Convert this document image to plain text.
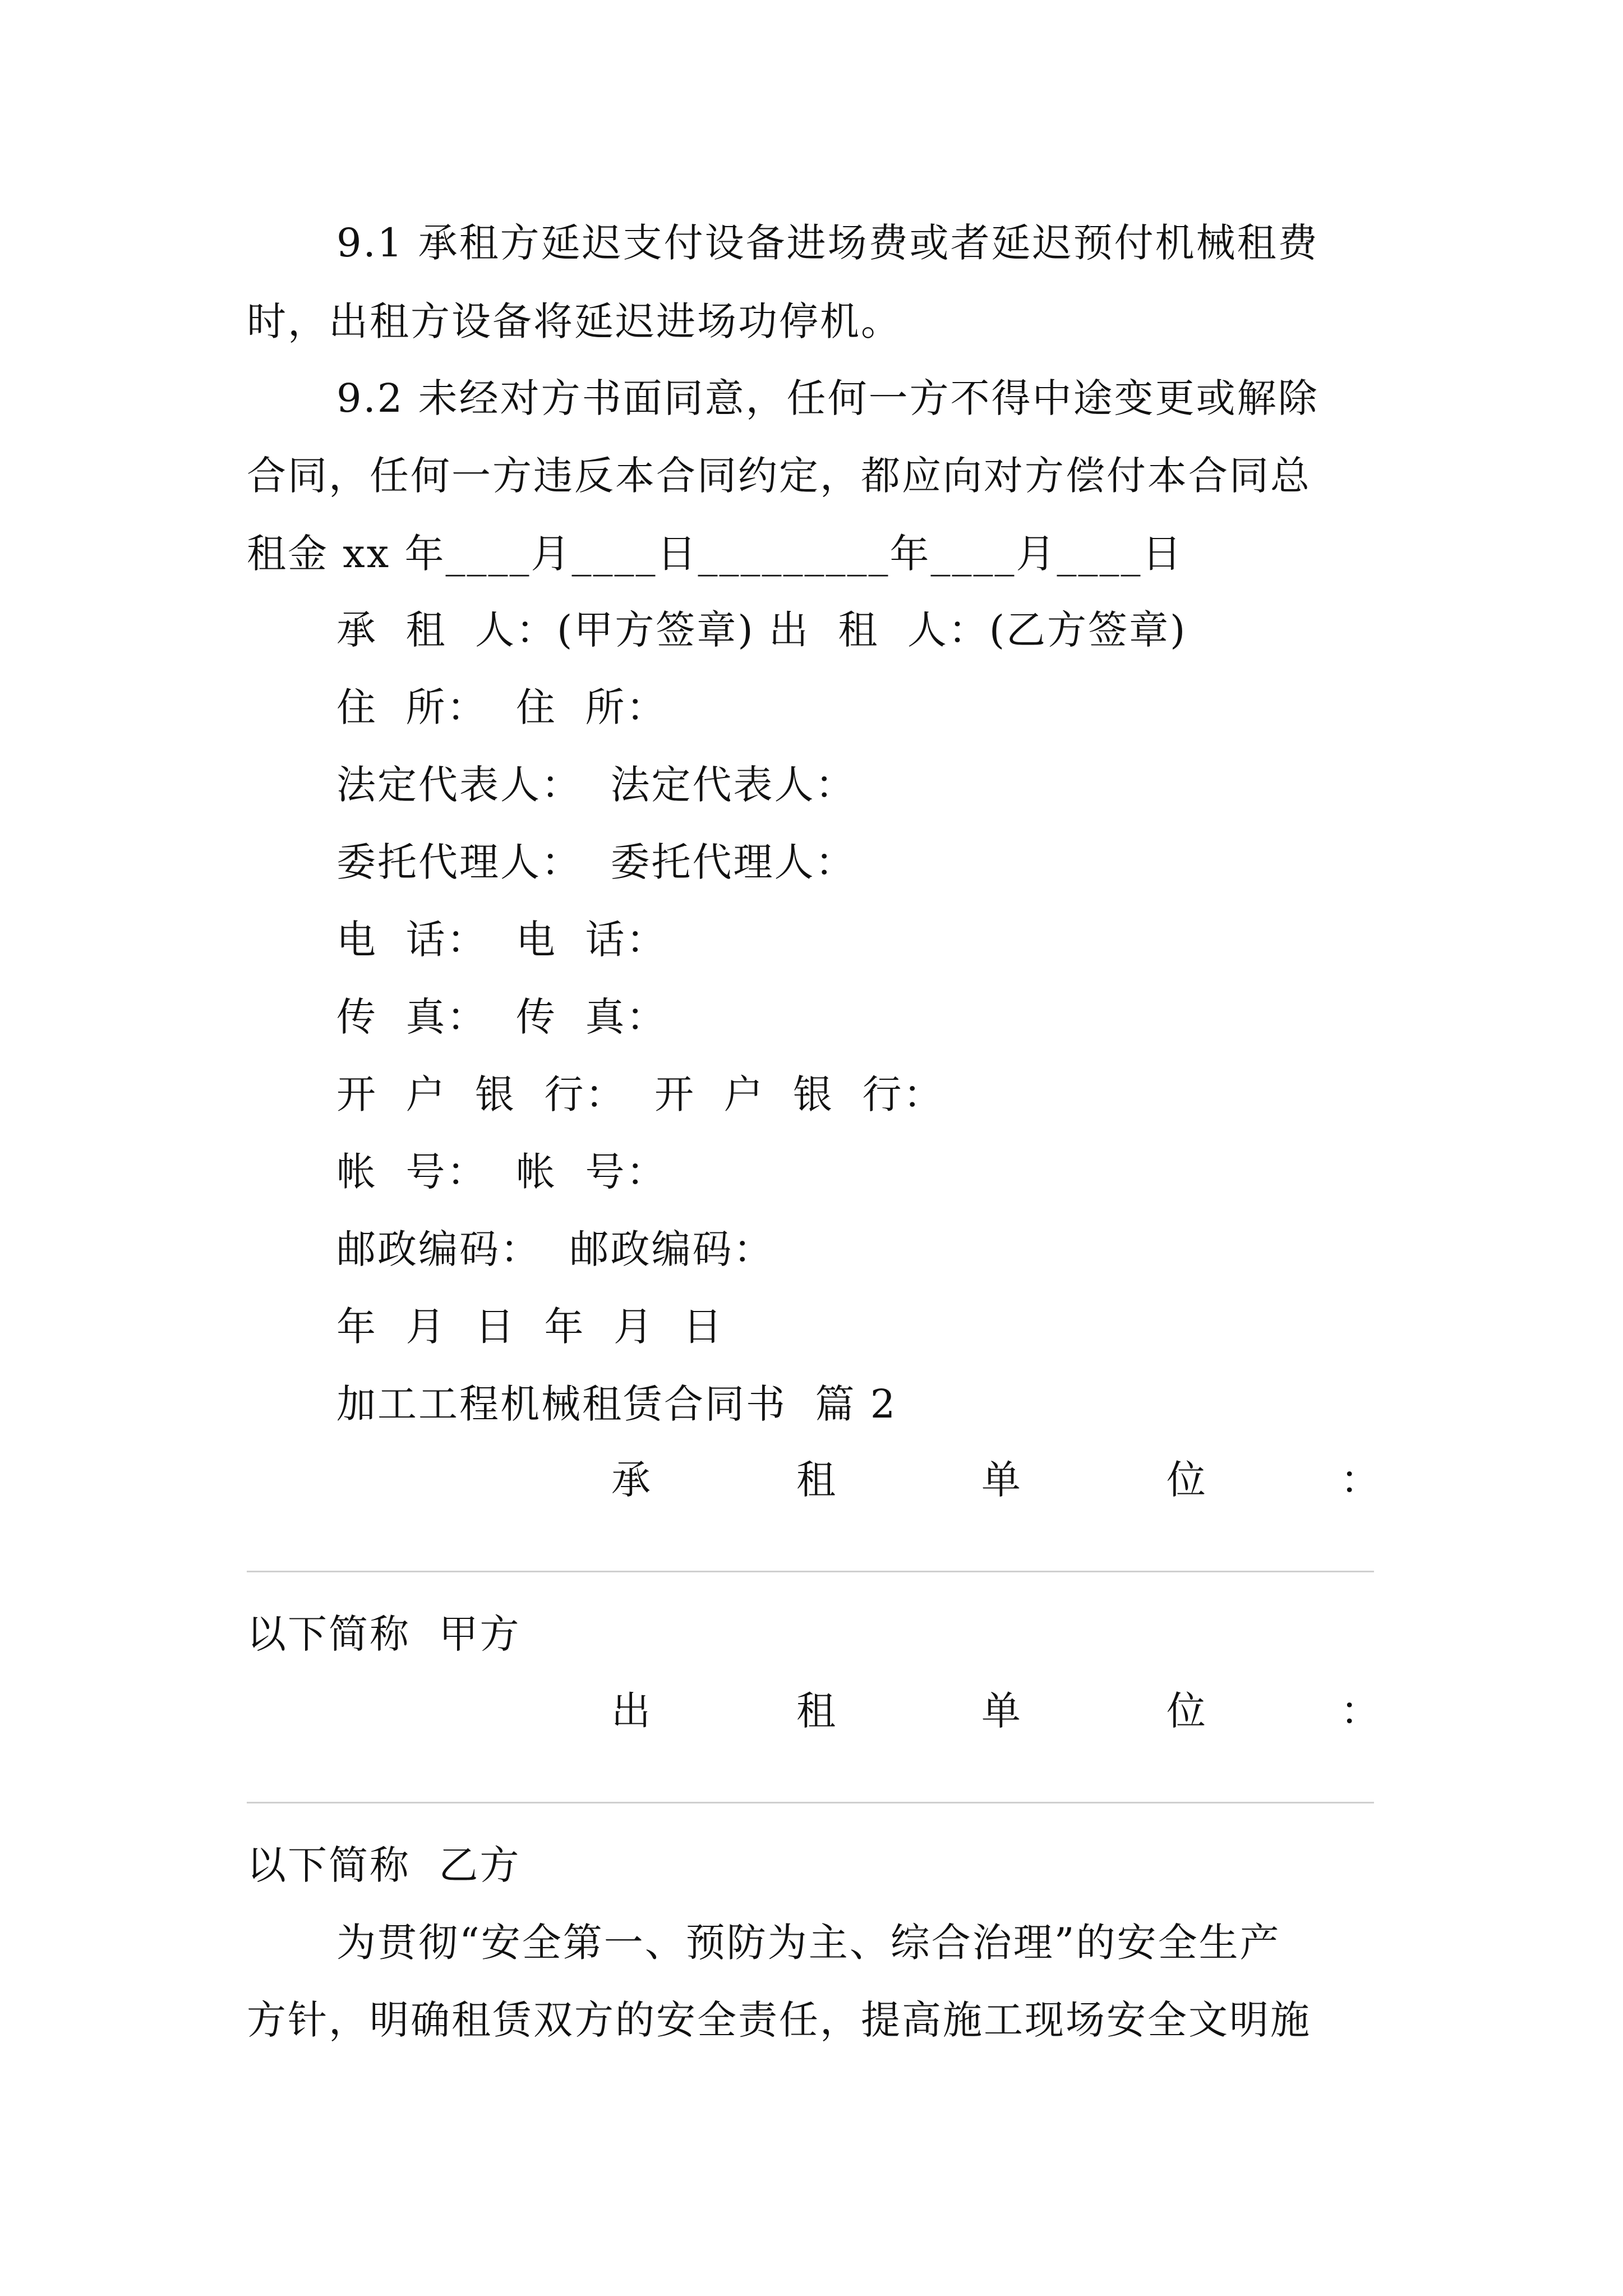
9.1 承租方延迟支付设备进场费或者延迟预付机械租费
时，出租方设备将延迟进场功停机。
9.2 未经对方书面同意，任何一方不得中途变更或解除
合同，任何一方违反本合同约定，都应向对方偿付本合同总
租金 xx 年____月____日_________年____月____日
承  租  人：(甲方签章) 出  租  人：(乙方签章)
住  所：  住  所：
法定代表人：  法定代表人：
委托代理人：  委托代理人：
电  话：  电  话：
传  真：  传  真：
开  户  银  行：  开  户  银  行：
帐  号：  帐  号：
邮政编码：  邮政编码：
年  月  日  年  月  日
加工工程机械租赁合同书  篇 2
承	租	单	位	：
以下简称  甲方
出	租	单	位	：
以下简称  乙方
为贯彻“安全第一、预防为主、综合治理”的安全生产
方针，明确租赁双方的安全责任，提高施工现场安全文明施
